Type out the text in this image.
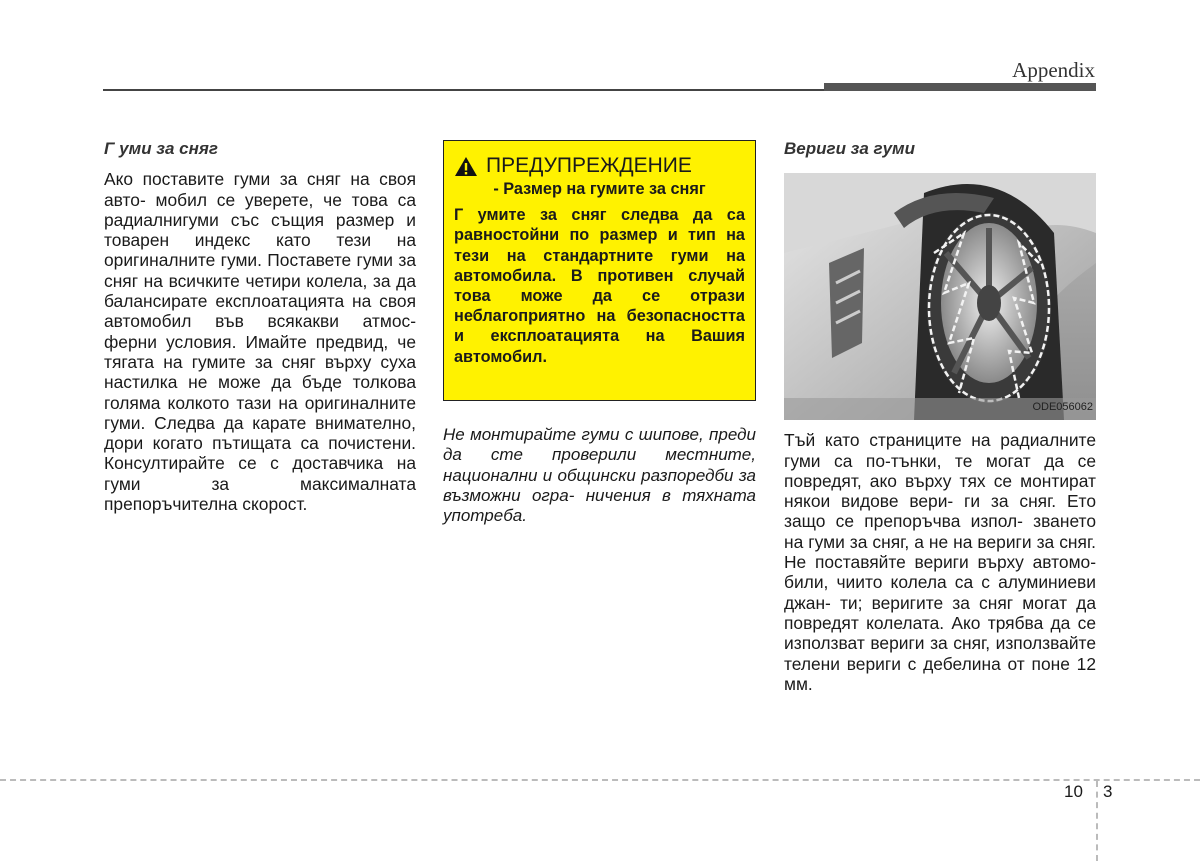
Appendix
Г уми за сняг
Ако поставите гуми за сняг на своя авто- мобил се уверете, че това са радиалнигуми със същия размер и товарен индекс като тези на оригиналните гуми. Поставете гуми за сняг на всичките четири колела, за да балансирате експлоатацията на своя автомобил във всякакви атмос- ферни условия. Имайте предвид, че тягата на гумите за сняг върху суха настилка не може да бъде толкова голяма колкото тази на оригиналните гуми. Следва да карате внимателно, дори когато пътищата са почистени. Консултирайте се с доставчика на гуми за максималната препоръчителна скорост.
ПРЕДУПРЕЖДЕНИЕ
- Размер на гумите за сняг
Г умите за сняг следва да са равностойни по размер и тип на тези на стандартните гуми на автомобила. В противен случай това може да се отрази неблагоприятно на безопасността и експлоатацията на Вашия автомобил.
Не монтирайте гуми с шипове, преди да сте проверили местните, национални и общински разпоредби за възможни огра- ничения в тяхната употреба.
Вериги за гуми
ODE056062
Тъй като страниците на радиалните гуми са по-тънки, те могат да се повредят, ако върху тях се монтират някои видове вери- ги за сняг. Ето защо се препоръчва изпол- зването на гуми за сняг, а не на вериги за сняг. Не поставяйте вериги върху автомо- били, чиито колела са с алуминиеви джан- ти; веригите за сняг могат да повредят колелата. Ако трябва да се използват вериги за сняг, използвайте телени вериги с дебелина от поне 12 мм.
10 3
